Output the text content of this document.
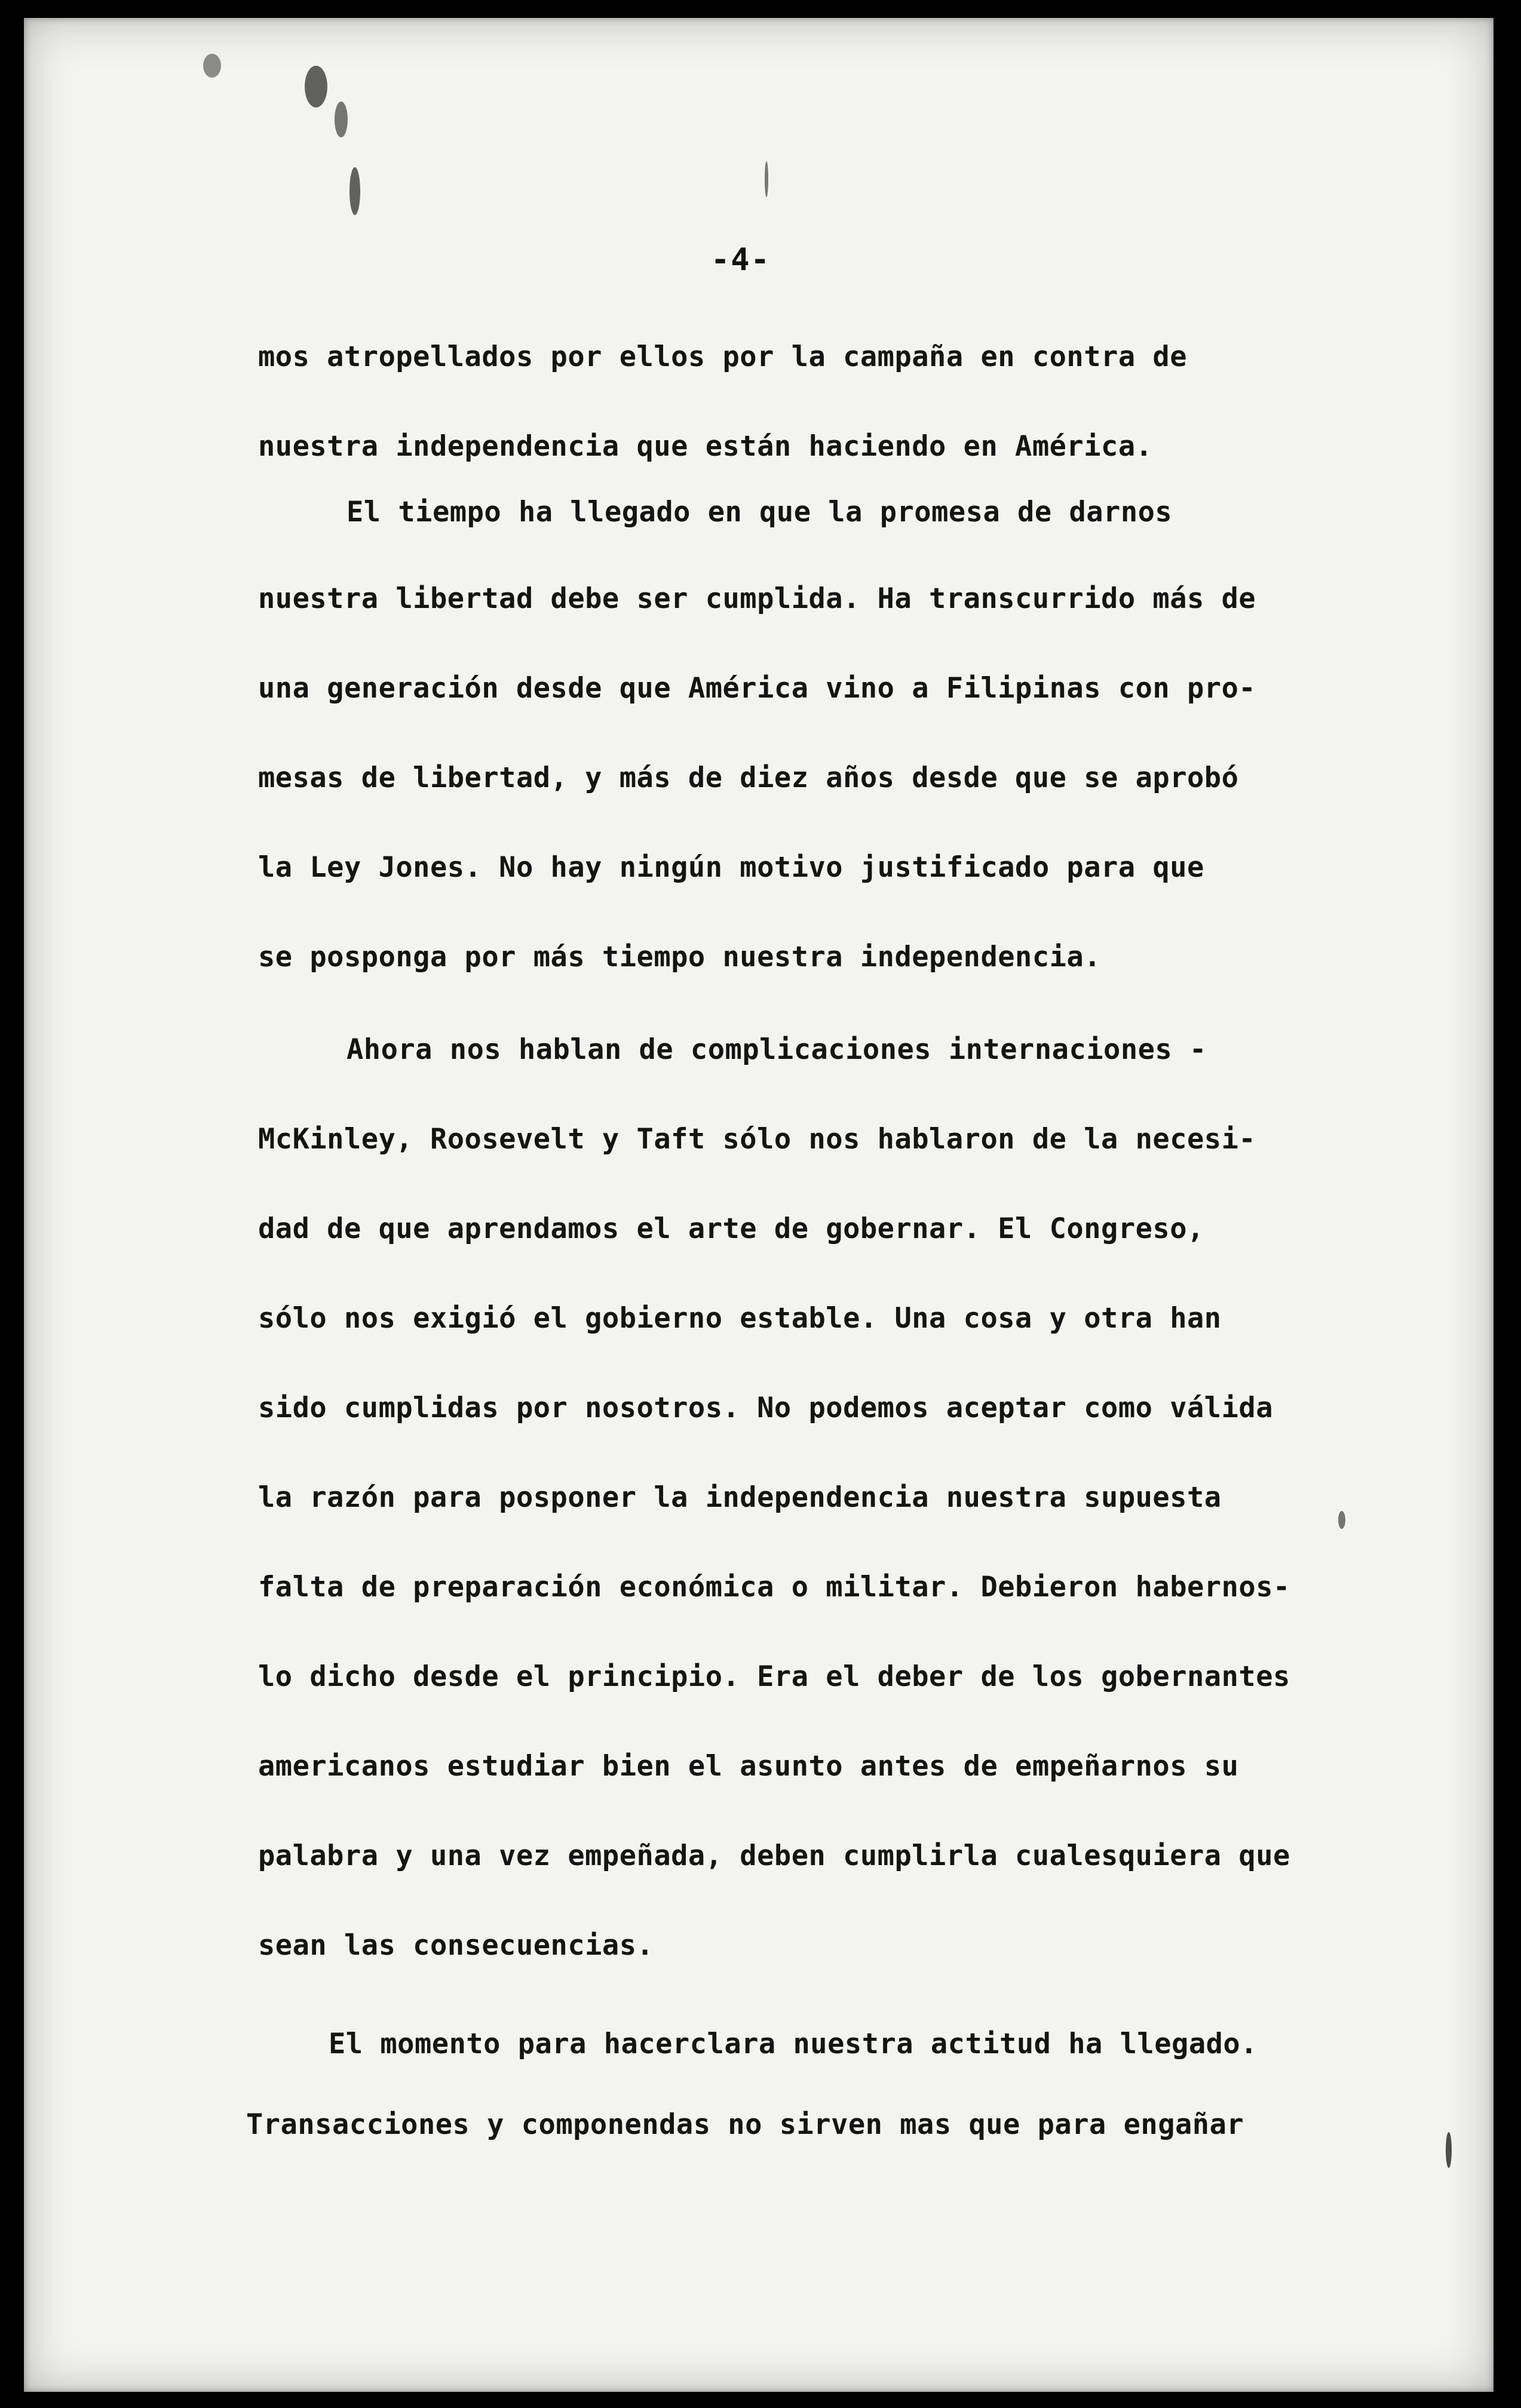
-4-
mos atropellados por ellos por la campaña en contra de
nuestra independencia que están haciendo en América.
El tiempo ha llegado en que la promesa de darnos
nuestra libertad debe ser cumplida. Ha transcurrido más de
una generación desde que América vino a Filipinas con pro-
mesas de libertad, y más de diez años desde que se aprobó
la Ley Jones. No hay ningún motivo justificado para que
se posponga por más tiempo nuestra independencia.
Ahora nos hablan de complicaciones internaciones -
McKinley, Roosevelt y Taft sólo nos hablaron de la necesi-
dad de que aprendamos el arte de gobernar. El Congreso,
sólo nos exigió el gobierno estable. Una cosa y otra han
sido cumplidas por nosotros. No podemos aceptar como válida
la razón para posponer la independencia nuestra supuesta
falta de preparación económica o militar. Debieron habernos-
lo dicho desde el principio. Era el deber de los gobernantes
americanos estudiar bien el asunto antes de empeñarnos su
palabra y una vez empeñada, deben cumplirla cualesquiera que
sean las consecuencias.
El momento para hacerclara nuestra actitud ha llegado.
Transacciones y componendas no sirven mas que para engañar
